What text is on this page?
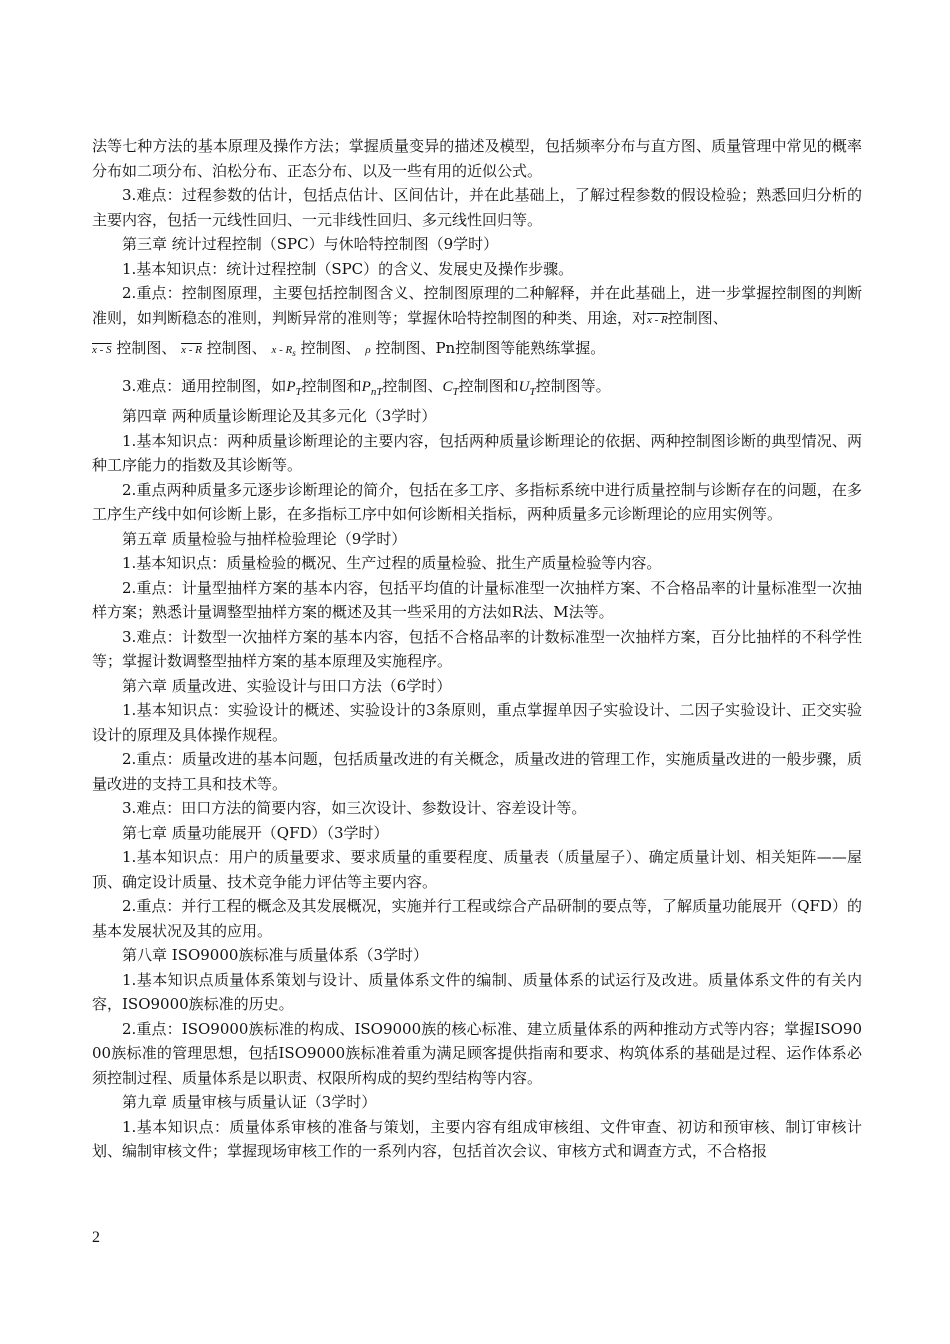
法等七种方法的基本原理及操作方法；掌握质量变异的描述及模型，包括频率分布与直方图、质量管理中常见的概率分布如二项分布、泊松分布、正态分布、以及一些有用的近似公式。

3.难点：过程参数的估计，包括点估计、区间估计，并在此基础上，了解过程参数的假设检验；熟悉回归分析的主要内容，包括一元线性回归、一元非线性回归、多元线性回归等。

第三章 统计过程控制（SPC）与休哈特控制图（9学时）

1.基本知识点：统计过程控制（SPC）的含义、发展史及操作步骤。

2.重点：控制图原理，主要包括控制图含义、控制图原理的二种解释，并在此基础上，进一步掌握控制图的判断准则，如判断稳态的准则，判断异常的准则等；掌握休哈特控制图的种类、用途，对x - R控制图、

x - S 控制图、 x - R 控制图、 x - $R_s$ 控制图、 ρ 控制图、Pn控制图等能熟练掌握。

3.难点：通用控制图，如$P_T$控制图和$P_{nT}$控制图、$C_T$控制图和$U_T$控制图等。

第四章 两种质量诊断理论及其多元化（3学时）

1.基本知识点：两种质量诊断理论的主要内容，包括两种质量诊断理论的依据、两种控制图诊断的典型情况、两种工序能力的指数及其诊断等。

2.重点两种质量多元逐步诊断理论的简介，包括在多工序、多指标系统中进行质量控制与诊断存在的问题，在多工序生产线中如何诊断上影，在多指标工序中如何诊断相关指标，两种质量多元诊断理论的应用实例等。

第五章 质量检验与抽样检验理论（9学时）

1.基本知识点：质量检验的概况、生产过程的质量检验、批生产质量检验等内容。

2.重点：计量型抽样方案的基本内容，包括平均值的计量标准型一次抽样方案、不合格品率的计量标准型一次抽样方案；熟悉计量调整型抽样方案的概述及其一些采用的方法如R法、M法等。

3.难点：计数型一次抽样方案的基本内容，包括不合格品率的计数标准型一次抽样方案，百分比抽样的不科学性等；掌握计数调整型抽样方案的基本原理及实施程序。

第六章 质量改进、实验设计与田口方法（6学时）

1.基本知识点：实验设计的概述、实验设计的3条原则，重点掌握单因子实验设计、二因子实验设计、正交实验设计的原理及具体操作规程。

2.重点：质量改进的基本问题，包括质量改进的有关概念，质量改进的管理工作，实施质量改进的一般步骤，质量改进的支持工具和技术等。

3.难点：田口方法的简要内容，如三次设计、参数设计、容差设计等。

第七章 质量功能展开（QFD）（3学时）

1.基本知识点：用户的质量要求、要求质量的重要程度、质量表（质量屋子）、确定质量计划、相关矩阵——屋顶、确定设计质量、技术竞争能力评估等主要内容。

2.重点：并行工程的概念及其发展概况，实施并行工程或综合产品研制的要点等，了解质量功能展开（QFD）的基本发展状况及其的应用。

第八章 ISO9000族标准与质量体系（3学时）

1.基本知识点质量体系策划与设计、质量体系文件的编制、质量体系的试运行及改进。质量体系文件的有关内容，ISO9000族标准的历史。

2.重点：ISO9000族标准的构成、ISO9000族的核心标准、建立质量体系的两种推动方式等内容；掌握ISO9000族标准的管理思想，包括ISO9000族标准着重为满足顾客提供指南和要求、构筑体系的基础是过程、运作体系必须控制过程、质量体系是以职责、权限所构成的契约型结构等内容。

第九章 质量审核与质量认证（3学时）

1.基本知识点：质量体系审核的准备与策划，主要内容有组成审核组、文件审查、初访和预审核、制订审核计划、编制审核文件；掌握现场审核工作的一系列内容，包括首次会议、审核方式和调查方式，不合格报

2
